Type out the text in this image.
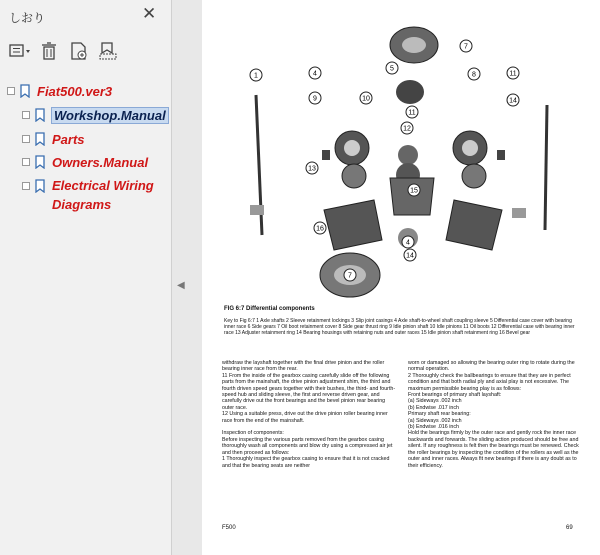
しおり	✕
Fiat500.ver3
Workshop.Manual
Parts
Owners.Manual
Electrical Wiring
Diagrams
◀
1	4
5
7
8
9	10
11
12
13
14
15
16
4
7
11
14
FIG 6:7 Differential components
Key to Fig 6:7 1 Axle shafts 2 Sleeve retainment lockings 3 Slip joint casings 4 Axle shaft-to-wheel shaft coupling sleeve 5 Differential case cover with bearing inner race 6 Side gears 7 Oil boot retainment cover 8 Side gear thrust ring 9 Idle pinion shaft 10 Idle pinions 11 Oil boots 12 Differential case with bearing inner race 13 Adjuster retainment ring 14 Bearing housings with retaining nuts and outer races 15 Idle pinion shaft retainment ring 16 Bevel gear
withdraw the layshaft together with the final drive pinion and the roller bearing inner race from the rear.
11 From the inside of the gearbox casing carefully slide off the following parts from the mainshaft, the drive pinion adjustment shim, the third and fourth driven speed gears together with their bushes, the third- and fourth-speed hub and sliding sleeve, the first and reverse driven gear, and carefully drive out the front bearings and the bevel pinion rear bearing outer race.
12 Using a suitable press, drive out the drive pinion roller bearing inner race from the end of the mainshaft.

Inspection of components:
Before inspecting the various parts removed from the gearbox casing thoroughly wash all components and blow dry using a compressed air jet and then proceed as follows:
1 Thoroughly inspect the gearbox casing to ensure that it is not cracked and that the bearing seats are neither
worn or damaged so allowing the bearing outer ring to rotate during the normal operation.
2 Thoroughly check the ballbearings to ensure that they are in perfect condition and that both radial ply and axial play is not excessive. The maximum permissible bearing play is as follows:
Front bearings of primary shaft layshaft:
(a) Sideways .002 inch
(b) Endwise .017 inch
Primary shaft rear bearing:
(a) Sideways .002 inch
(b) Endwise .016 inch
Hold the bearings firmly by the outer race and gently rock the inner race backwards and forwards. The sliding action produced should be free and silent. If any roughness is felt then the bearings must be renewed. Check the roller bearings by inspecting the condition of the rollers as well as the outer and inner races. Always fit new bearings if there is any doubt as to their efficiency.
F500	69
